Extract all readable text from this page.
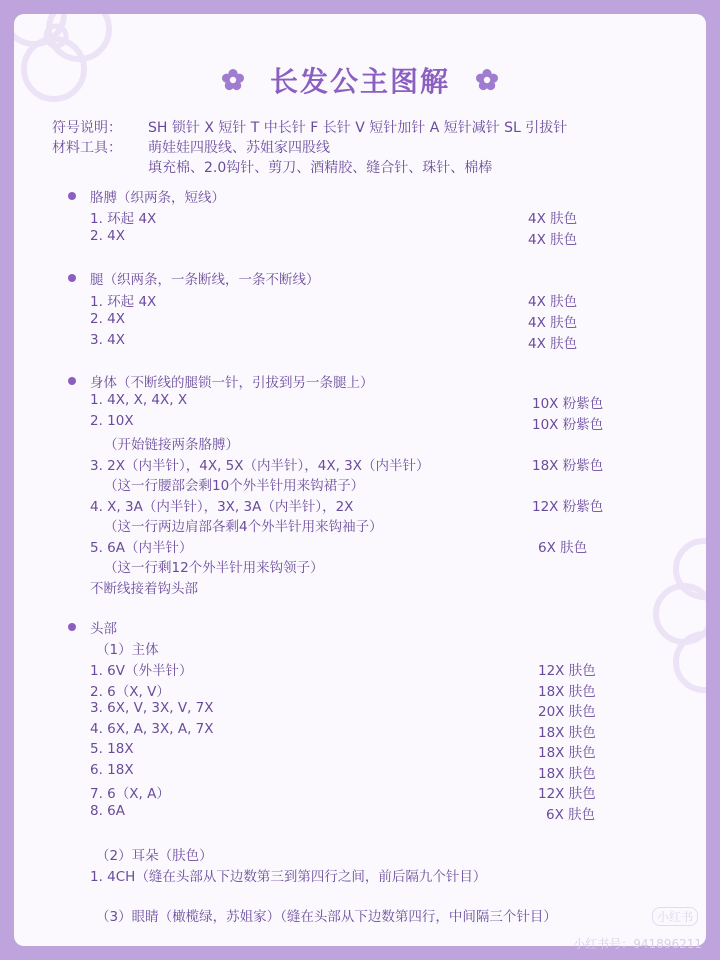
长发公主图解
符号说明：	SH 锁针 X 短针 T 中长针 F 长针 V 短针加针 A 短针减针 SL 引拔针
材料工具：	萌娃娃四股线、苏姐家四股线
填充棉、2.0钩针、剪刀、酒精胶、缝合针、珠针、棉棒
胳膊（织两条，短线）
1. 环起 4X	4X 肤色
2. 4X	4X 肤色
腿（织两条，一条断线，一条不断线）
1. 环起 4X	4X 肤色
2. 4X	4X 肤色
3. 4X	4X 肤色
身体（不断线的腿锁一针，引拔到另一条腿上）
1. 4X, X, 4X, X	10X 粉紫色
2. 10X	10X 粉紫色
（开始链接两条胳膊）
3. 2X（内半针），4X, 5X（内半针），4X, 3X（内半针）	18X 粉紫色
（这一行腰部会剩10个外半针用来钩裙子）
4. X, 3A（内半针），3X, 3A（内半针），2X	12X 粉紫色
（这一行两边肩部各剩4个外半针用来钩袖子）
5. 6A（内半针）	6X 肤色
（这一行剩12个外半针用来钩领子）
不断线接着钩头部
头部
（1）主体
1. 6V（外半针）	12X 肤色
2. 6（X, V）	18X 肤色
3. 6X, V, 3X, V, 7X	20X 肤色
4. 6X, A, 3X, A, 7X	18X 肤色
5. 18X	18X 肤色
6. 18X	18X 肤色
7. 6（X, A）	12X 肤色
8. 6A	6X 肤色
（2）耳朵（肤色）
1. 4CH（缝在头部从下边数第三到第四行之间，前后隔九个针目）
（3）眼睛（橄榄绿，苏姐家）（缝在头部从下边数第四行，中间隔三个针目）	小红书
小红书号：941896211
